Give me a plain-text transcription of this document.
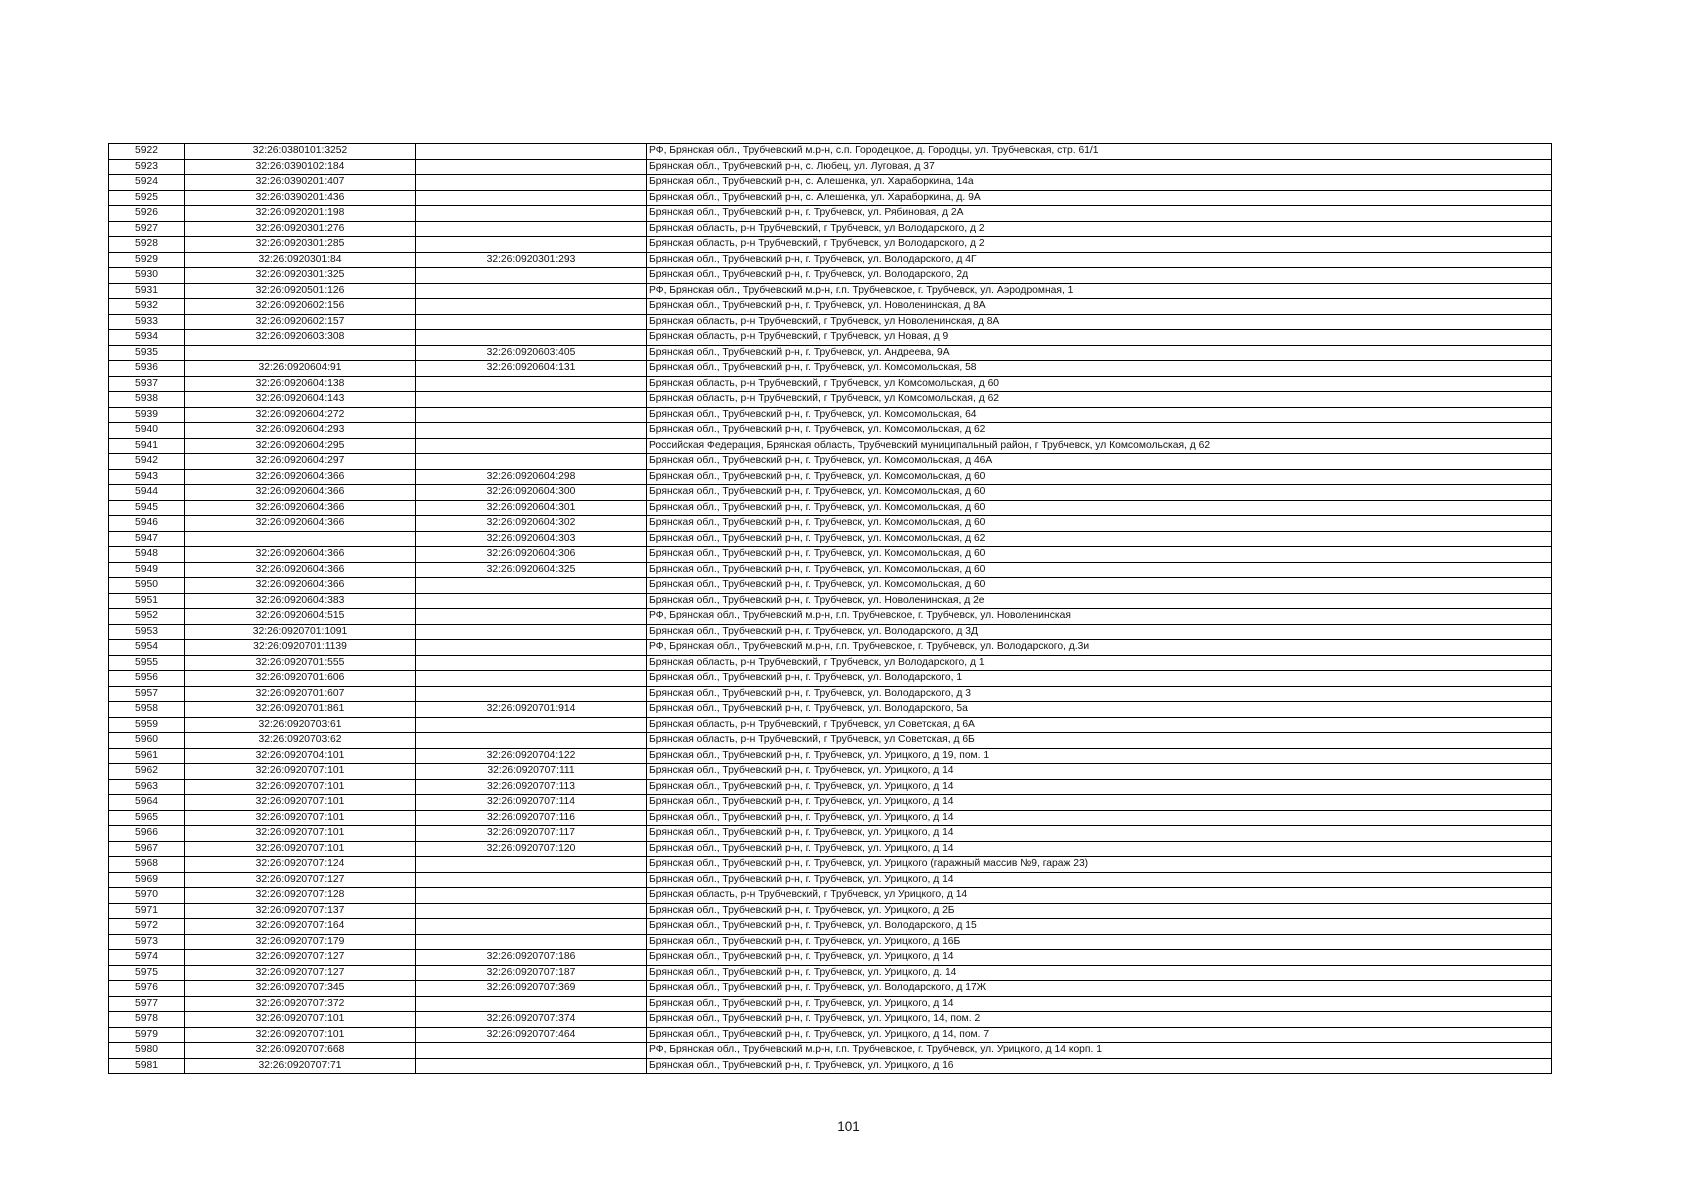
5922	32:26:0380101:3252		РФ, Брянская обл., Трубчевский м.р-н, с.п. Городецкое, д. Городцы, ул. Трубчевская, стр. 61/1
5923	32:26:0390102:184		Брянская обл., Трубчевский р-н, с. Любец, ул. Луговая, д 37
5924	32:26:0390201:407		Брянская обл., Трубчевский р-н, с. Алешенка, ул. Хараборкина, 14а
5925	32:26:0390201:436		Брянская обл., Трубчевский р-н, с. Алешенка, ул. Хараборкина, д. 9А
5926	32:26:0920201:198		Брянская обл., Трубчевский р-н, г. Трубчевск, ул. Рябиновая, д 2А
5927	32:26:0920301:276		Брянская область, р-н Трубчевский, г Трубчевск, ул Володарского, д 2
5928	32:26:0920301:285		Брянская область, р-н Трубчевский, г Трубчевск, ул Володарского, д 2
5929	32:26:0920301:84	32:26:0920301:293	Брянская обл., Трубчевский р-н, г. Трубчевск, ул. Володарского, д 4Г
5930	32:26:0920301:325		Брянская обл., Трубчевский р-н, г. Трубчевск, ул. Володарского, 2д
5931	32:26:0920501:126		РФ, Брянская обл., Трубчевский м.р-н, г.п. Трубчевское, г. Трубчевск, ул. Аэродромная, 1
5932	32:26:0920602:156		Брянская обл., Трубчевский р-н, г. Трубчевск, ул. Новоленинская, д 8А
5933	32:26:0920602:157		Брянская область, р-н Трубчевский, г Трубчевск, ул Новоленинская, д 8А
5934	32:26:0920603:308		Брянская область, р-н Трубчевский, г Трубчевск, ул Новая, д 9
5935		32:26:0920603:405	Брянская обл., Трубчевский р-н, г. Трубчевск, ул. Андреева, 9А
5936	32:26:0920604:91	32:26:0920604:131	Брянская обл., Трубчевский р-н, г. Трубчевск, ул. Комсомольская, 58
5937	32:26:0920604:138		Брянская область, р-н Трубчевский, г Трубчевск, ул Комсомольская, д 60
5938	32:26:0920604:143		Брянская область, р-н Трубчевский, г Трубчевск, ул Комсомольская, д 62
5939	32:26:0920604:272		Брянская обл., Трубчевский р-н, г. Трубчевск, ул. Комсомольская, 64
5940	32:26:0920604:293		Брянская обл., Трубчевский р-н, г. Трубчевск, ул. Комсомольская, д 62
5941	32:26:0920604:295		Российская Федерация, Брянская область, Трубчевский муниципальный район, г Трубчевск, ул Комсомольская, д 62
5942	32:26:0920604:297		Брянская обл., Трубчевский р-н, г. Трубчевск, ул. Комсомольская, д 46А
5943	32:26:0920604:366	32:26:0920604:298	Брянская обл., Трубчевский р-н, г. Трубчевск, ул. Комсомольская, д 60
5944	32:26:0920604:366	32:26:0920604:300	Брянская обл., Трубчевский р-н, г. Трубчевск, ул. Комсомольская, д 60
5945	32:26:0920604:366	32:26:0920604:301	Брянская обл., Трубчевский р-н, г. Трубчевск, ул. Комсомольская, д 60
5946	32:26:0920604:366	32:26:0920604:302	Брянская обл., Трубчевский р-н, г. Трубчевск, ул. Комсомольская, д 60
5947		32:26:0920604:303	Брянская обл., Трубчевский р-н, г. Трубчевск, ул. Комсомольская, д 62
5948	32:26:0920604:366	32:26:0920604:306	Брянская обл., Трубчевский р-н, г. Трубчевск, ул. Комсомольская, д 60
5949	32:26:0920604:366	32:26:0920604:325	Брянская обл., Трубчевский р-н, г. Трубчевск, ул. Комсомольская, д 60
5950	32:26:0920604:366		Брянская обл., Трубчевский р-н, г. Трубчевск, ул. Комсомольская, д 60
5951	32:26:0920604:383		Брянская обл., Трубчевский р-н, г. Трубчевск, ул. Новоленинская, д 2е
5952	32:26:0920604:515		РФ, Брянская обл., Трубчевский м.р-н, г.п. Трубчевское, г. Трубчевск, ул. Новоленинская
5953	32:26:0920701:1091		Брянская обл., Трубчевский р-н, г. Трубчевск, ул. Володарского, д 3Д
5954	32:26:0920701:1139		РФ, Брянская обл., Трубчевский м.р-н, г.п. Трубчевское, г. Трубчевск, ул. Володарского, д.3и
5955	32:26:0920701:555		Брянская область, р-н Трубчевский, г Трубчевск, ул Володарского, д 1
5956	32:26:0920701:606		Брянская обл., Трубчевский р-н, г. Трубчевск, ул. Володарского, 1
5957	32:26:0920701:607		Брянская обл., Трубчевский р-н, г. Трубчевск, ул. Володарского, д 3
5958	32:26:0920701:861	32:26:0920701:914	Брянская обл., Трубчевский р-н, г. Трубчевск, ул. Володарского, 5а
5959	32:26:0920703:61		Брянская область, р-н Трубчевский, г Трубчевск, ул Советская, д 6А
5960	32:26:0920703:62		Брянская область, р-н Трубчевский, г Трубчевск, ул Советская, д 6Б
5961	32:26:0920704:101	32:26:0920704:122	Брянская обл., Трубчевский р-н, г. Трубчевск, ул. Урицкого, д 19, пом. 1
5962	32:26:0920707:101	32:26:0920707:111	Брянская обл., Трубчевский р-н, г. Трубчевск, ул. Урицкого, д 14
5963	32:26:0920707:101	32:26:0920707:113	Брянская обл., Трубчевский р-н, г. Трубчевск, ул. Урицкого, д 14
5964	32:26:0920707:101	32:26:0920707:114	Брянская обл., Трубчевский р-н, г. Трубчевск, ул. Урицкого, д 14
5965	32:26:0920707:101	32:26:0920707:116	Брянская обл., Трубчевский р-н, г. Трубчевск, ул. Урицкого, д 14
5966	32:26:0920707:101	32:26:0920707:117	Брянская обл., Трубчевский р-н, г. Трубчевск, ул. Урицкого, д 14
5967	32:26:0920707:101	32:26:0920707:120	Брянская обл., Трубчевский р-н, г. Трубчевск, ул. Урицкого, д 14
5968	32:26:0920707:124		Брянская обл., Трубчевский р-н, г. Трубчевск, ул. Урицкого (гаражный массив №9, гараж 23)
5969	32:26:0920707:127		Брянская обл., Трубчевский р-н, г. Трубчевск, ул. Урицкого, д 14
5970	32:26:0920707:128		Брянская область, р-н Трубчевский, г Трубчевск, ул Урицкого, д 14
5971	32:26:0920707:137		Брянская обл., Трубчевский р-н, г. Трубчевск, ул. Урицкого, д 2Б
5972	32:26:0920707:164		Брянская обл., Трубчевский р-н, г. Трубчевск, ул. Володарского, д 15
5973	32:26:0920707:179		Брянская обл., Трубчевский р-н, г. Трубчевск, ул. Урицкого, д 16Б
5974	32:26:0920707:127	32:26:0920707:186	Брянская обл., Трубчевский р-н, г. Трубчевск, ул. Урицкого, д 14
5975	32:26:0920707:127	32:26:0920707:187	Брянская обл., Трубчевский р-н, г. Трубчевск, ул. Урицкого, д. 14
5976	32:26:0920707:345	32:26:0920707:369	Брянская обл., Трубчевский р-н, г. Трубчевск, ул. Володарского, д 17Ж
5977	32:26:0920707:372		Брянская обл., Трубчевский р-н, г. Трубчевск, ул. Урицкого, д 14
5978	32:26:0920707:101	32:26:0920707:374	Брянская обл., Трубчевский р-н, г. Трубчевск, ул. Урицкого, 14, пом. 2
5979	32:26:0920707:101	32:26:0920707:464	Брянская обл., Трубчевский р-н, г. Трубчевск, ул. Урицкого, д 14, пом. 7
5980	32:26:0920707:668		РФ, Брянская обл., Трубчевский м.р-н, г.п. Трубчевское, г. Трубчевск, ул. Урицкого, д 14 корп. 1
5981	32:26:0920707:71		Брянская обл., Трубчевский р-н, г. Трубчевск, ул. Урицкого, д 16
101
